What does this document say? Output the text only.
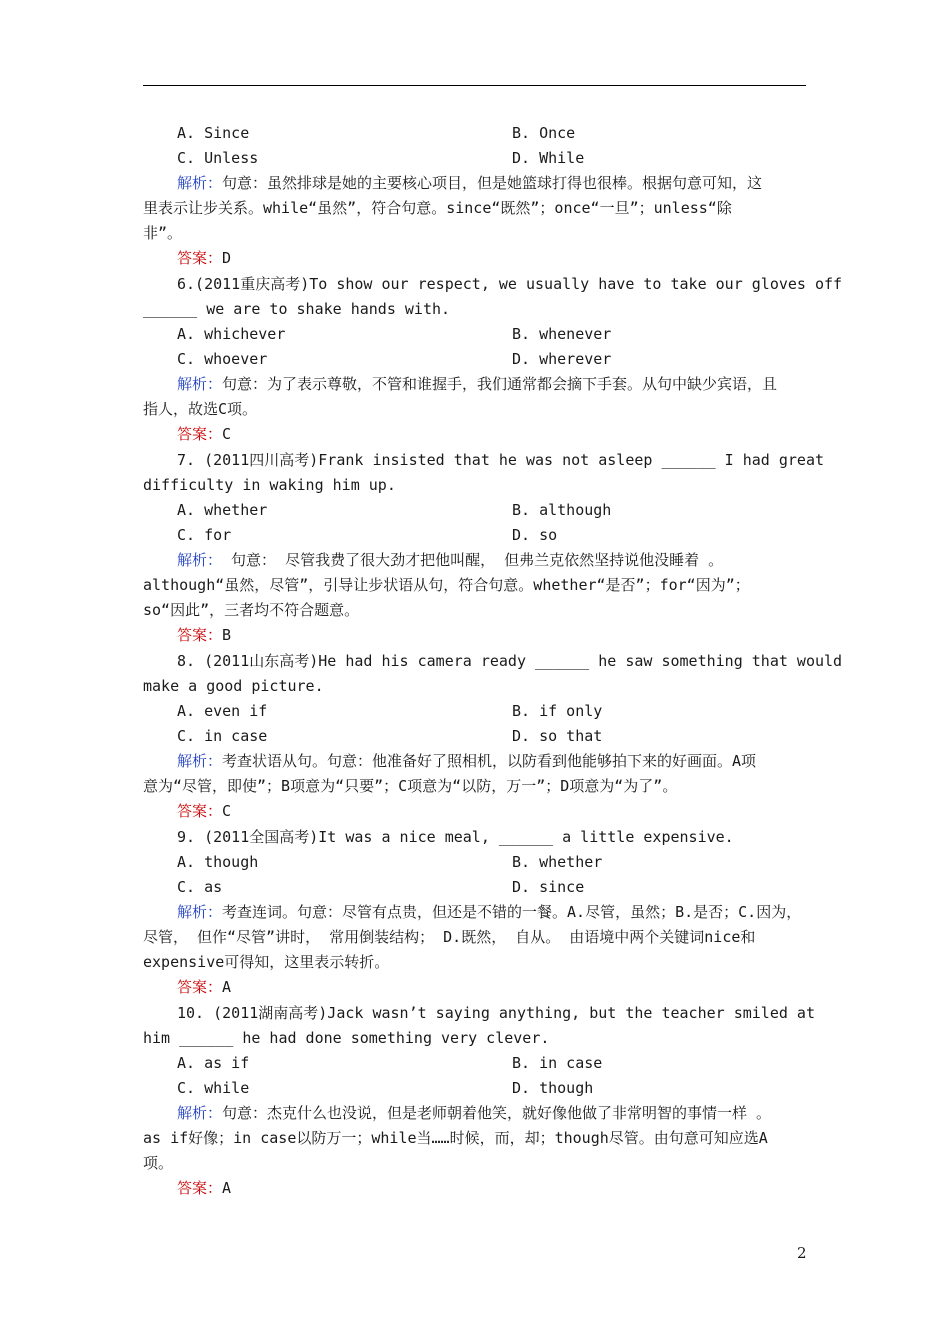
A. Since	B. Once
C. Unless	D. While
解析：句意：虽然排球是她的主要核心项目，但是她篮球打得也很棒。根据句意可知，这
里表示让步关系。while“虽然”，符合句意。since“既然”；once“一旦”；unless“除
非”。
答案：D
6.(2011重庆高考)To show our respect, we usually have to take our gloves off
______ we are to shake hands with.
A. whichever	B. whenever
C. whoever	D. wherever
解析：句意：为了表示尊敬，不管和谁握手，我们通常都会摘下手套。从句中缺少宾语，且
指人，故选C项。
答案：C
7. (2011四川高考)Frank insisted that he was not asleep ______ I had great
difficulty in waking him up.
A. whether	B. although
C. for	D. so
解析： 句意： 尽管我费了很大劲才把他叫醒， 但弗兰克依然坚持说他没睡着 。
although“虽然，尽管”，引导让步状语从句，符合句意。whether“是否”；for“因为”；
so“因此”，三者均不符合题意。
答案：B
8. (2011山东高考)He had his camera ready ______ he saw something that would
make a good picture.
A. even if	B. if only
C. in case	D. so that
解析：考查状语从句。句意：他准备好了照相机，以防看到他能够拍下来的好画面。A项
意为“尽管，即使”；B项意为“只要”；C项意为“以防，万一”；D项意为“为了”。
答案：C
9. (2011全国高考)It was a nice meal, ______ a little expensive.
A. though	B. whether
C. as	D. since
解析：考查连词。句意：尽管有点贵，但还是不错的一餐。A.尽管，虽然；B.是否；C.因为，
尽管， 但作“尽管”讲时， 常用倒装结构； D.既然， 自从。 由语境中两个关键词nice和
expensive可得知，这里表示转折。
答案：A
10. (2011湖南高考)Jack wasn’t saying anything, but the teacher smiled at
him ______ he had done something very clever.
A. as if	B. in case
C. while	D. though
解析：句意：杰克什么也没说，但是老师朝着他笑，就好像他做了非常明智的事情一样 。
as if好像；in case以防万一；while当……时候，而，却；though尽管。由句意可知应选A
项。
答案：A
2
